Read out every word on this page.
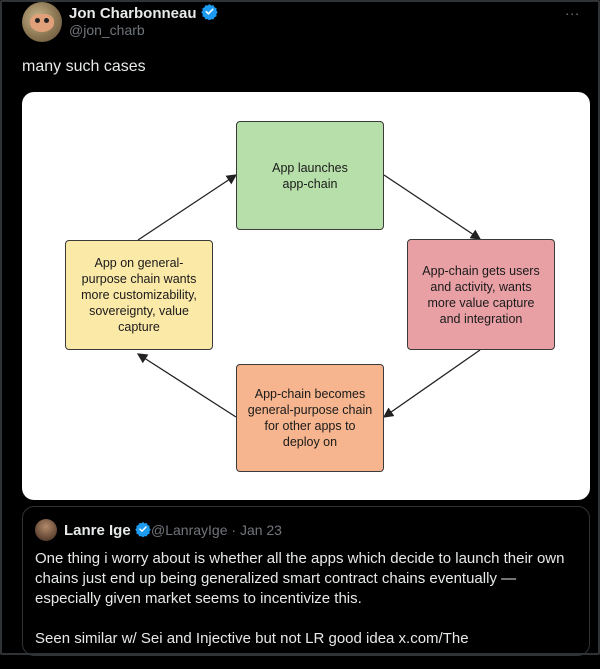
Jon Charbonneau
@jon_charb
...
many such cases
App launches
app-chain
App on general-
purpose chain wants
more customizability,
sovereignty, value
capture
App-chain gets users
and activity, wants
more value capture
and integration
App-chain becomes
general-purpose chain
for other apps to
deploy on
Lanre Ige	@LanrayIge · Jan 23

One thing i worry about is whether all the apps which decide to launch their own chains just end up being generalized smart contract chains eventually — especially given market seems to incentivize this.

Seen similar w/ Sei and Injective but not LR good idea x.com/The
